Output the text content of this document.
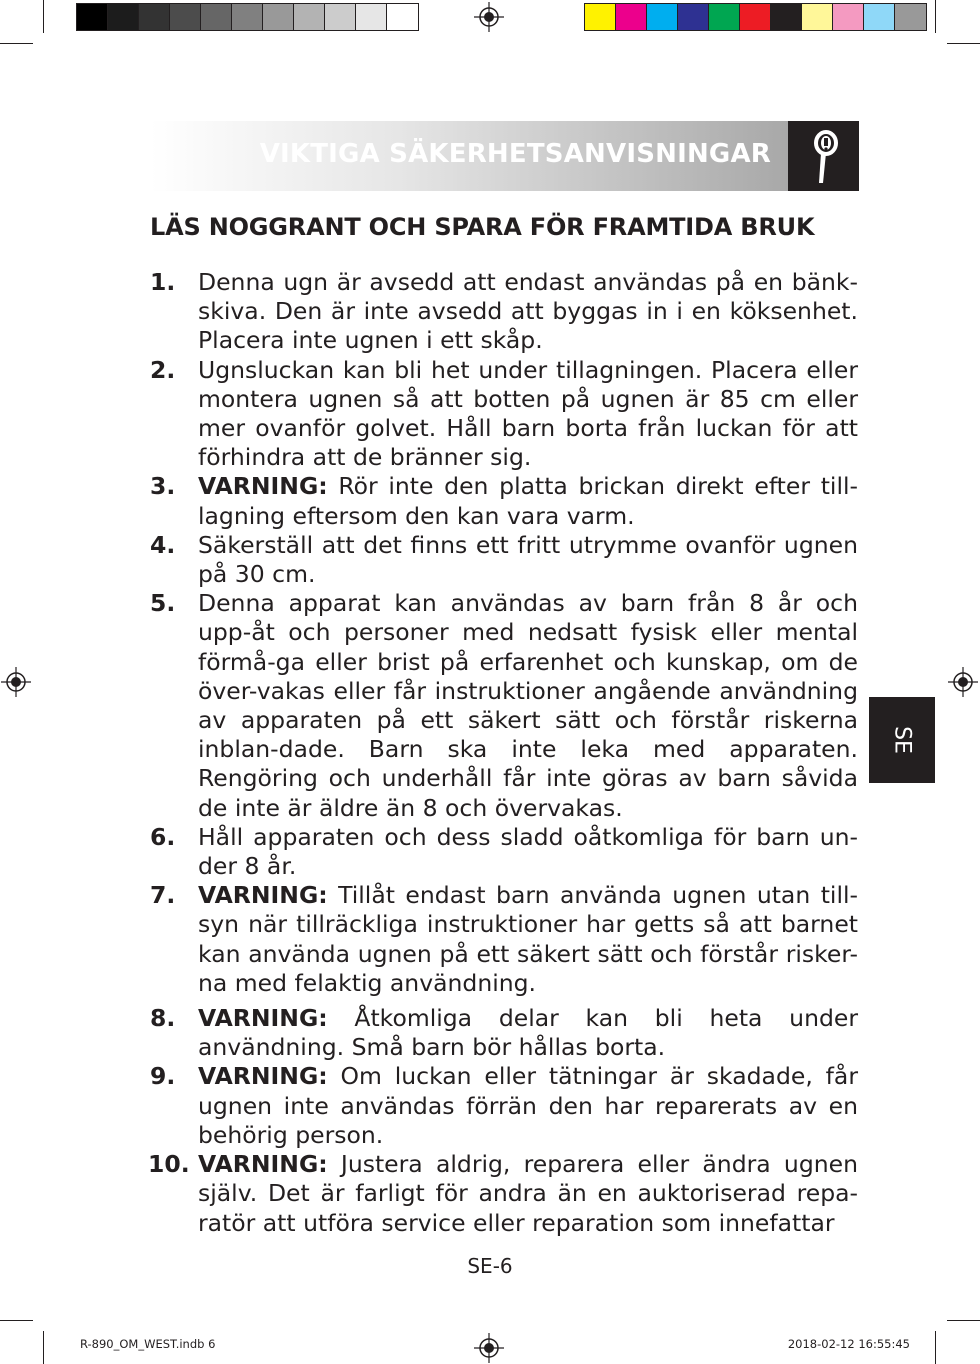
VIKTIGA SÄKERHETSANVISNINGAR
LÄS NOGGRANT OCH SPARA FÖR FRAMTIDA BRUK
1. Denna ugn är avsedd att endast användas på en bänk-skiva. Den är inte avsedd att byggas in i en köksenhet. Placera inte ugnen i ett skåp.
2. Ugnsluckan kan bli het under tillagningen. Placera eller montera ugnen så att botten på ugnen är 85 cm eller mer ovanför golvet. Håll barn borta från luckan för att förhindra att de bränner sig.
3. VARNING: Rör inte den platta brickan direkt efter till-lagning eftersom den kan vara varm.
4. Säkerställ att det finns ett fritt utrymme ovanför ugnen på 30 cm.
5. Denna apparat kan användas av barn från 8 år och upp-åt och personer med nedsatt fysisk eller mental förmå-ga eller brist på erfarenhet och kunskap, om de över-vakas eller får instruktioner angående användning av apparaten på ett säkert sätt och förstår riskerna inblan-dade. Barn ska inte leka med apparaten. Rengöring och underhåll får inte göras av barn såvida de inte är äldre än 8 och övervakas.
6. Håll apparaten och dess sladd oåtkomliga för barn un-der 8 år.
7. VARNING: Tillåt endast barn använda ugnen utan till-syn när tillräckliga instruktioner har getts så att barnet kan använda ugnen på ett säkert sätt och förstår risker-na med felaktig användning.
8. VARNING: Åtkomliga delar kan bli heta under användning. Små barn bör hållas borta.
9. VARNING: Om luckan eller tätningar är skadade, får ugnen inte användas förrän den har reparerats av en behörig person.
10. VARNING: Justera aldrig, reparera eller ändra ugnen själv. Det är farligt för andra än en auktoriserad repa-ratör att utföra service eller reparation som innefattar
SE
SE-6
R-890_OM_WEST.indb 6	2018-02-12 16:55:45
